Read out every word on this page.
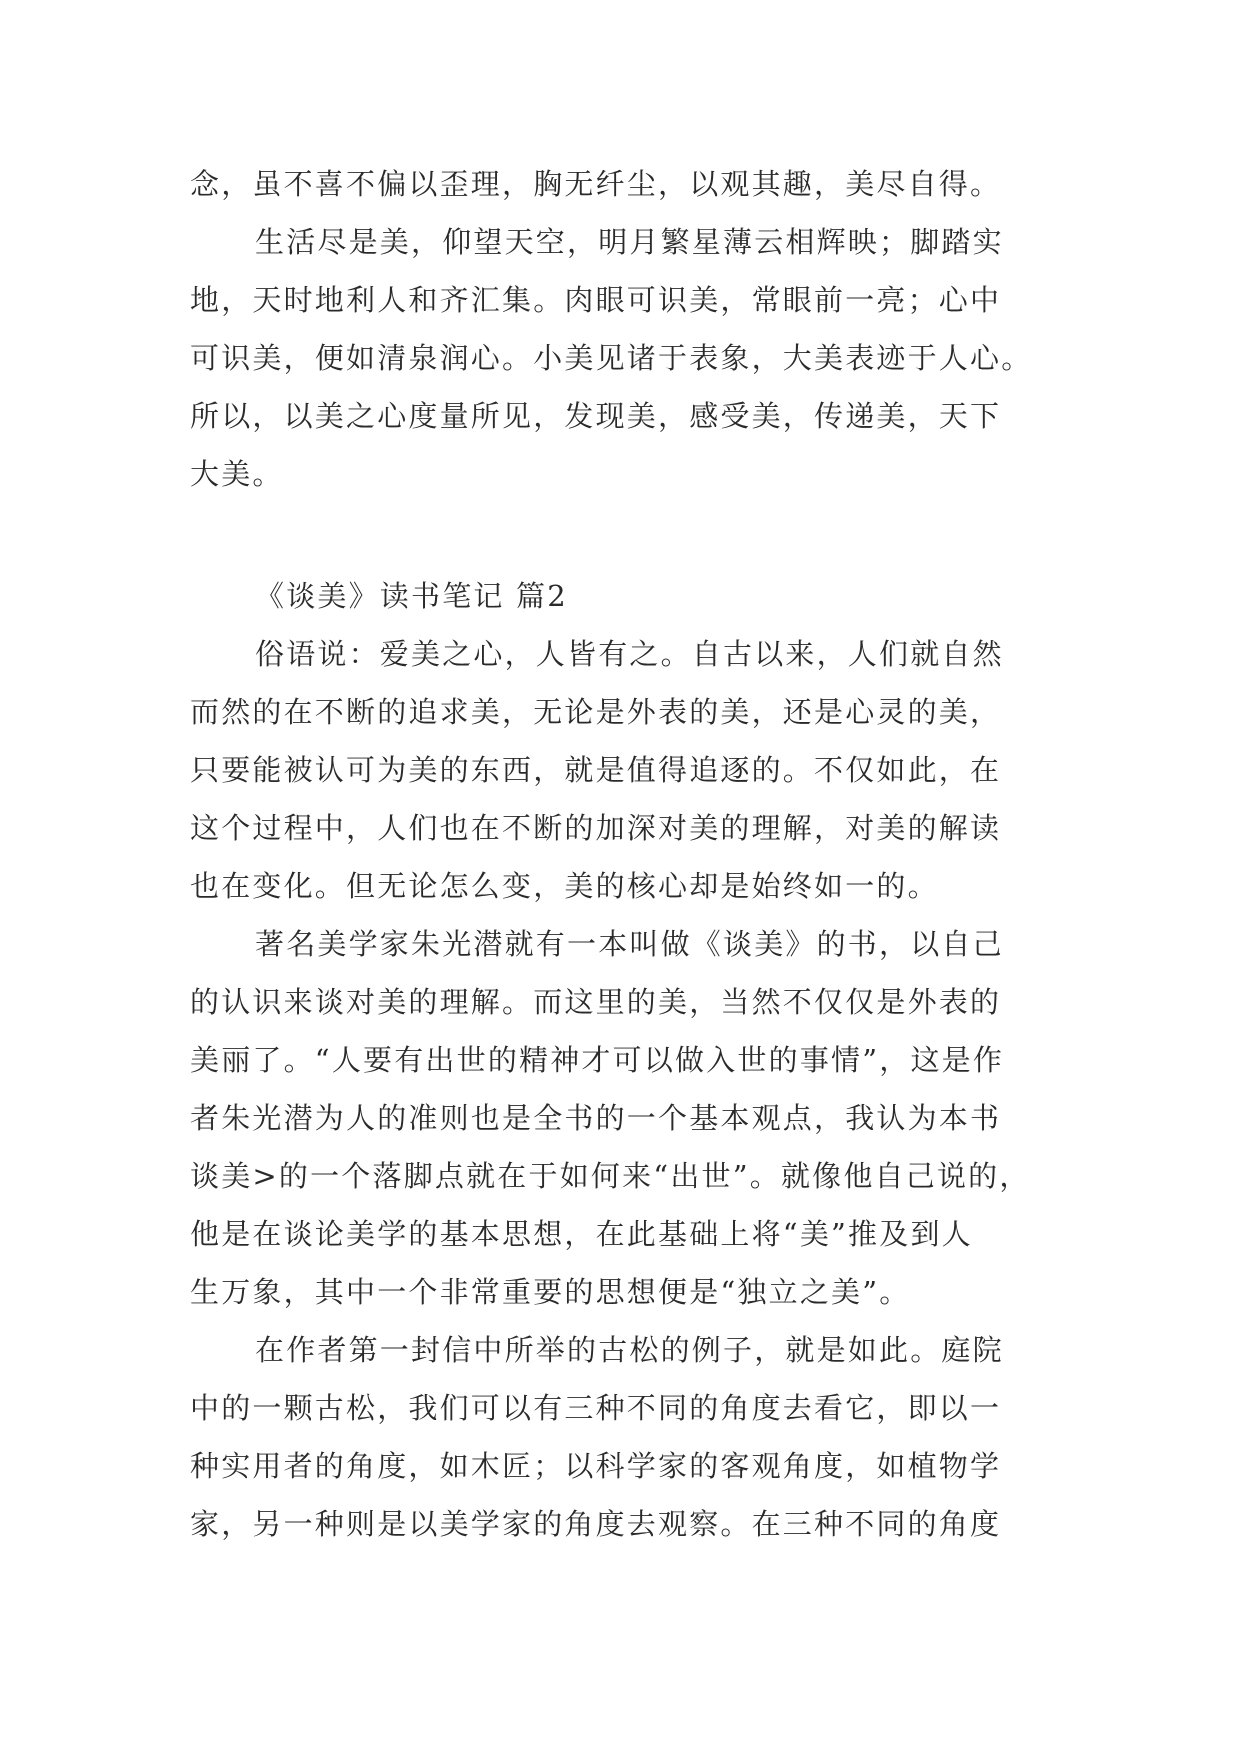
念，虽不喜不偏以歪理，胸无纤尘，以观其趣，美尽自得。
生活尽是美，仰望天空，明月繁星薄云相辉映；脚踏实
地，天时地利人和齐汇集。肉眼可识美，常眼前一亮；心中
可识美，便如清泉润心。小美见诸于表象，大美表迹于人心。
所以，以美之心度量所见，发现美，感受美，传递美，天下
大美。
《谈美》读书笔记 篇2
俗语说：爱美之心，人皆有之。自古以来，人们就自然
而然的在不断的追求美，无论是外表的美，还是心灵的美，
只要能被认可为美的东西，就是值得追逐的。不仅如此，在
这个过程中，人们也在不断的加深对美的理解，对美的解读
也在变化。但无论怎么变，美的核心却是始终如一的。
著名美学家朱光潜就有一本叫做《谈美》的书，以自己
的认识来谈对美的理解。而这里的美，当然不仅仅是外表的
美丽了。“人要有出世的精神才可以做入世的事情”，这是作
者朱光潜为人的准则也是全书的一个基本观点，我认为本书
谈美>的一个落脚点就在于如何来“出世”。就像他自己说的，
他是在谈论美学的基本思想，在此基础上将“美”推及到人
生万象，其中一个非常重要的思想便是“独立之美”。
在作者第一封信中所举的古松的例子，就是如此。庭院
中的一颗古松，我们可以有三种不同的角度去看它，即以一
种实用者的角度，如木匠；以科学家的客观角度，如植物学
家，另一种则是以美学家的角度去观察。在三种不同的角度
